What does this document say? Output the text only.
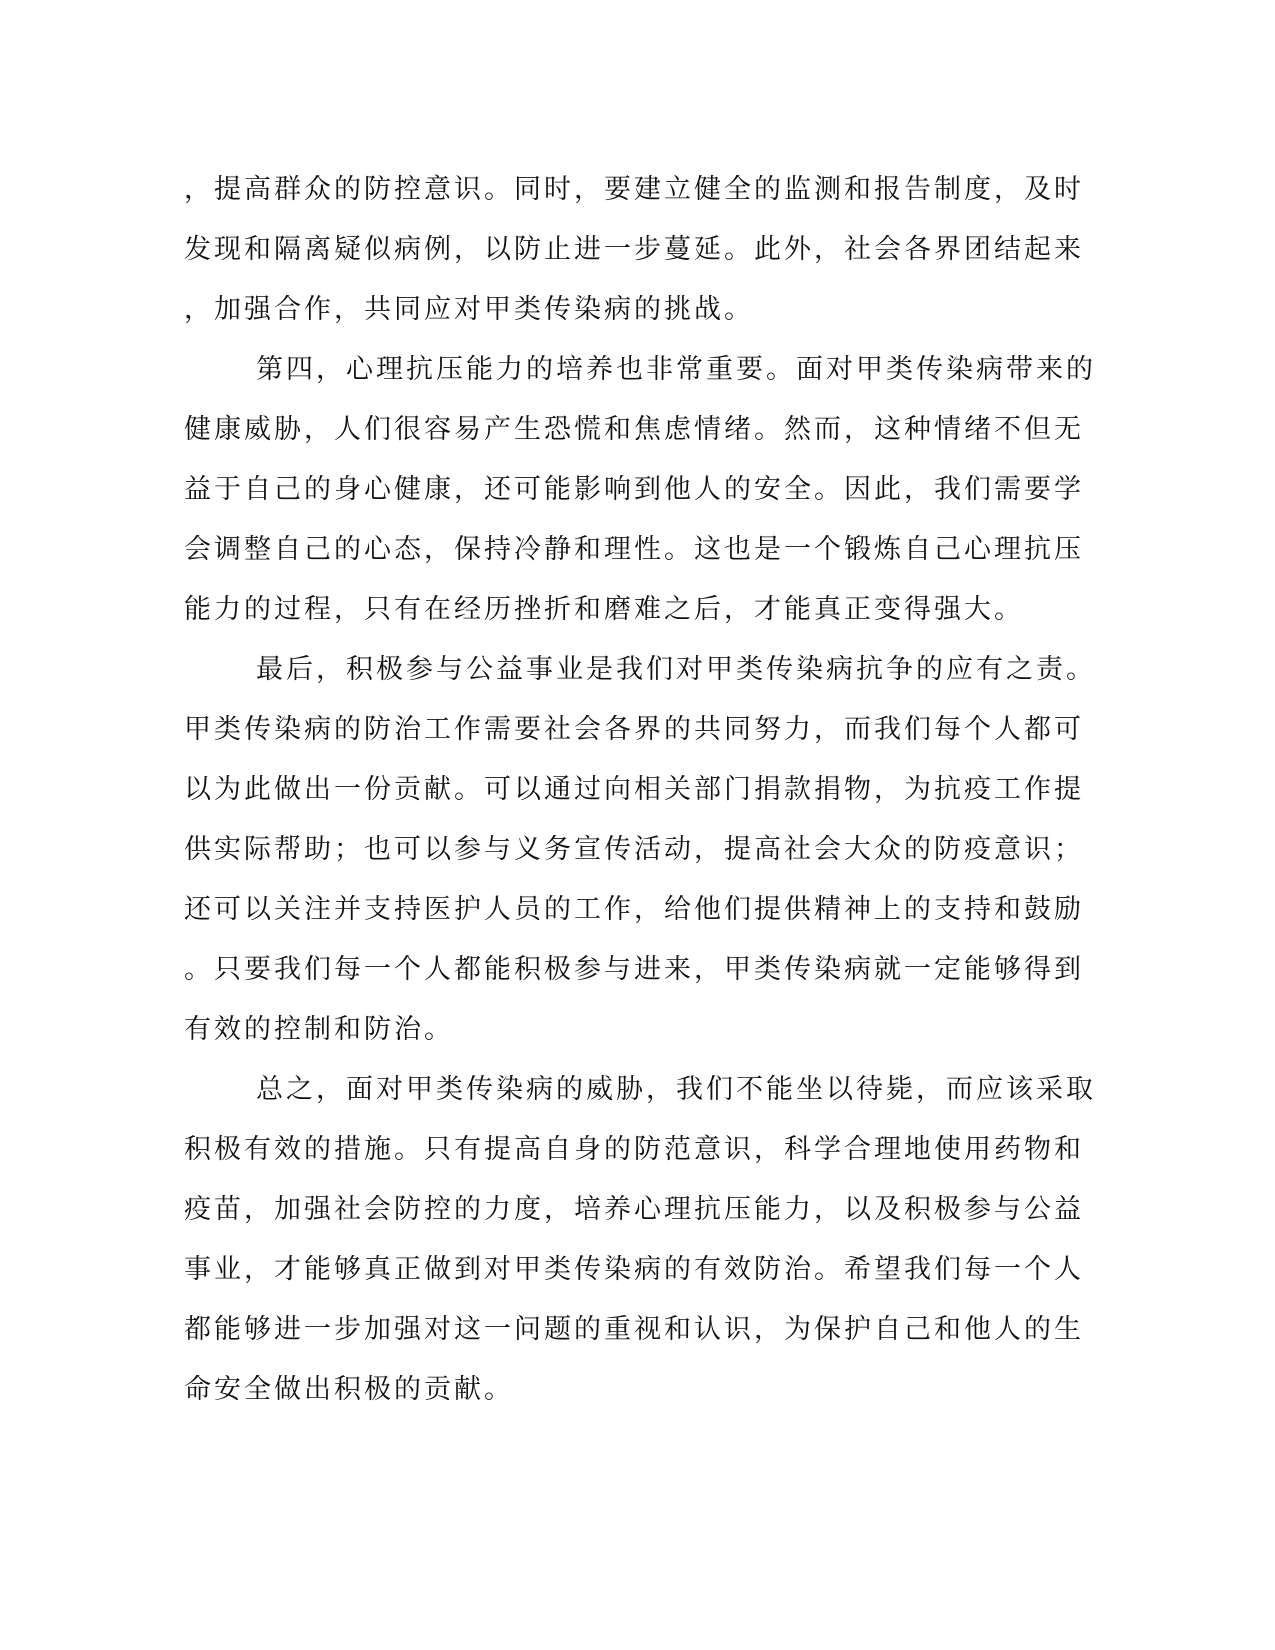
，提高群众的防控意识。同时，要建立健全的监测和报告制度，及时
发现和隔离疑似病例，以防止进一步蔓延。此外，社会各界团结起来
，加强合作，共同应对甲类传染病的挑战。
第四，心理抗压能力的培养也非常重要。面对甲类传染病带来的
健康威胁，人们很容易产生恐慌和焦虑情绪。然而，这种情绪不但无
益于自己的身心健康，还可能影响到他人的安全。因此，我们需要学
会调整自己的心态，保持冷静和理性。这也是一个锻炼自己心理抗压
能力的过程，只有在经历挫折和磨难之后，才能真正变得强大。
最后，积极参与公益事业是我们对甲类传染病抗争的应有之责。
甲类传染病的防治工作需要社会各界的共同努力，而我们每个人都可
以为此做出一份贡献。可以通过向相关部门捐款捐物，为抗疫工作提
供实际帮助；也可以参与义务宣传活动，提高社会大众的防疫意识；
还可以关注并支持医护人员的工作，给他们提供精神上的支持和鼓励
。只要我们每一个人都能积极参与进来，甲类传染病就一定能够得到
有效的控制和防治。
总之，面对甲类传染病的威胁，我们不能坐以待毙，而应该采取
积极有效的措施。只有提高自身的防范意识，科学合理地使用药物和
疫苗，加强社会防控的力度，培养心理抗压能力，以及积极参与公益
事业，才能够真正做到对甲类传染病的有效防治。希望我们每一个人
都能够进一步加强对这一问题的重视和认识，为保护自己和他人的生
命安全做出积极的贡献。
